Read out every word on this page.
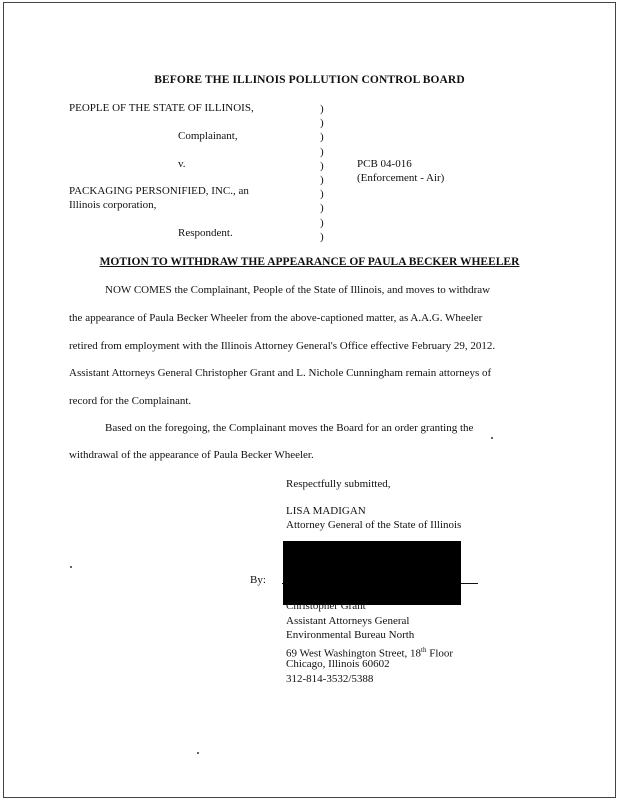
BEFORE THE ILLINOIS POLLUTION CONTROL BOARD
PEOPLE OF THE STATE OF ILLINOIS,
Complainant,
v.
PACKAGING PERSONIFIED, INC., an
Illinois corporation,
Respondent.
)
)
)
)
)
)
)
)
)
)
PCB 04-016
(Enforcement - Air)
MOTION TO WITHDRAW THE APPEARANCE OF PAULA BECKER WHEELER
NOW COMES the Complainant, People of the State of Illinois, and moves to withdraw
the appearance of Paula Becker Wheeler from the above-captioned matter, as A.A.G. Wheeler
retired from employment with the Illinois Attorney General's Office effective February 29, 2012.
Assistant Attorneys General Christopher Grant and L. Nichole Cunningham remain attorneys of
record for the Complainant.
Based on the foregoing, the Complainant moves the Board for an order granting the
withdrawal of the appearance of Paula Becker Wheeler.
Respectfully submitted,
LISA MADIGAN
Attorney General of the State of Illinois
By:
Christopher Grant
Assistant Attorneys General
Environmental Bureau North
69 West Washington Street, 18th Floor
Chicago, Illinois 60602
312-814-3532/5388
